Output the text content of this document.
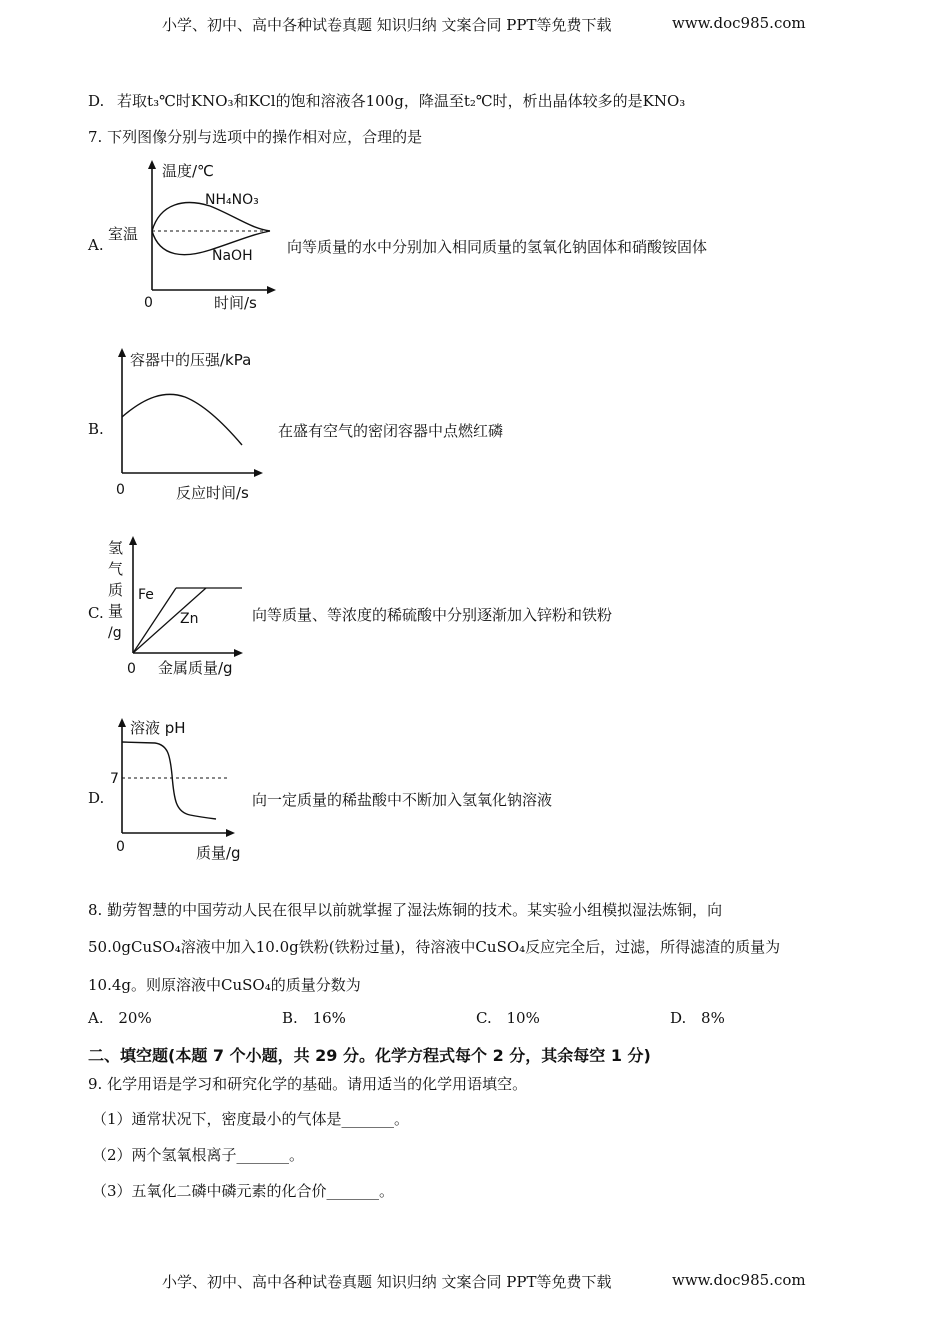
小学、初中、高中各种试卷真题 知识归纳 文案合同 PPT等免费下载	www.doc985.com
D. 若取t₃℃时KNO₃和KCl的饱和溶液各100g，降温至t₂℃时，析出晶体较多的是KNO₃
7. 下列图像分别与选项中的操作相对应，合理的是
A.
温度/℃
NH₄NO₃
NaOH
室温
0	时间/s
向等质量的水中分别加入相同质量的氢氧化钠固体和硝酸铵固体
B.
容器中的压强/kPa
0	反应时间/s
在盛有空气的密闭容器中点燃红磷
C.
氢
气
质
量
/g
Fe
Zn
0 金属质量/g
向等质量、等浓度的稀硫酸中分别逐渐加入锌粉和铁粉
D.
溶液 pH
7
0	质量/g
向一定质量的稀盐酸中不断加入氢氧化钠溶液
8. 勤劳智慧的中国劳动人民在很早以前就掌握了湿法炼铜的技术。某实验小组模拟湿法炼铜，向
50.0gCuSO₄溶液中加入10.0g铁粉(铁粉过量)，待溶液中CuSO₄反应完全后，过滤，所得滤渣的质量为
10.4g。则原溶液中CuSO₄的质量分数为
A. 20%	B. 16%	C. 10%	D. 8%
二、填空题(本题 7 个小题，共 29 分。化学方程式每个 2 分，其余每空 1 分)
9. 化学用语是学习和研究化学的基础。请用适当的化学用语填空。
（1）通常状况下，密度最小的气体是_______。
（2）两个氢氧根离子_______。
（3）五氧化二磷中磷元素的化合价_______。
小学、初中、高中各种试卷真题 知识归纳 文案合同 PPT等免费下载	www.doc985.com
